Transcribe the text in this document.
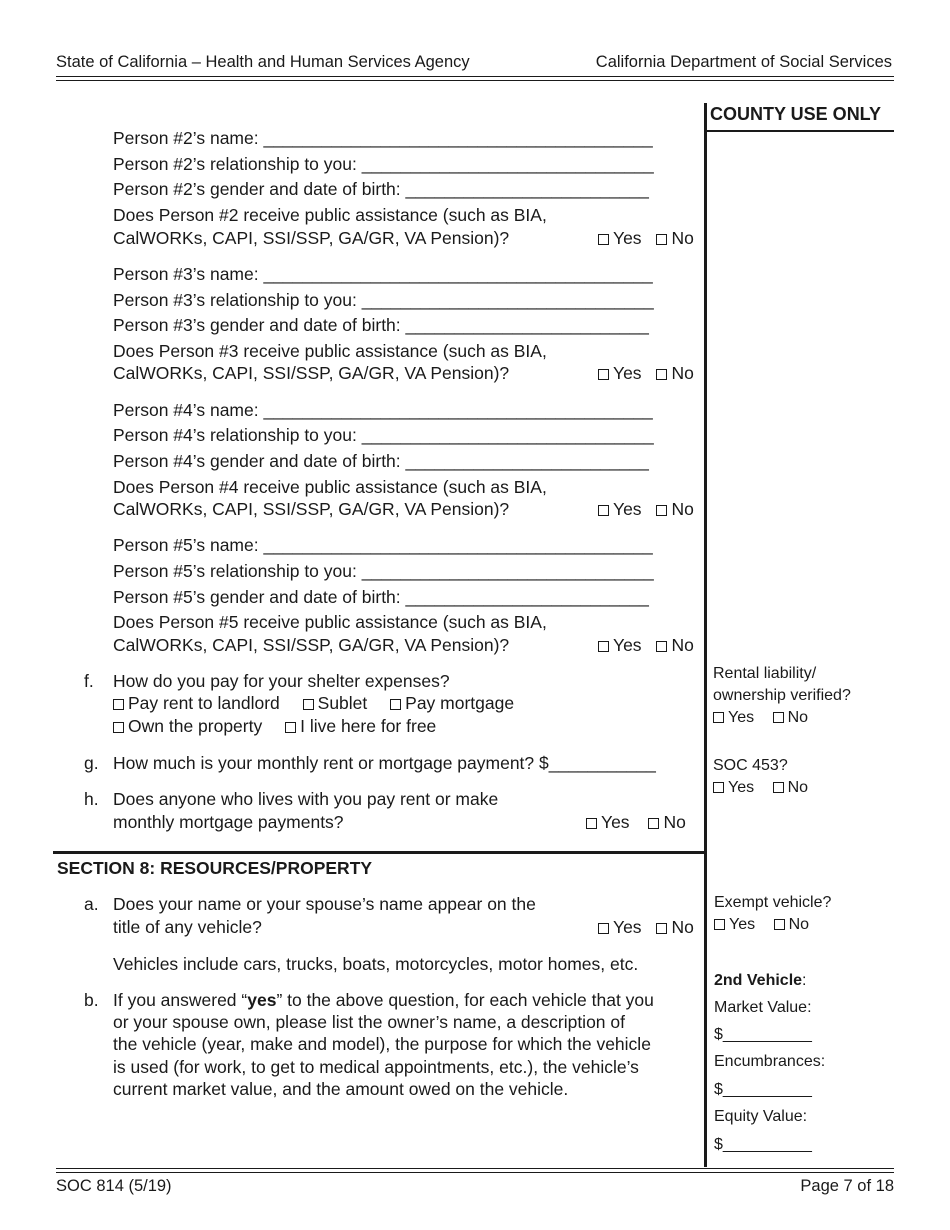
State of California – Health and Human Services Agency	California Department of Social Services
COUNTY USE ONLY
Person #2’s name: ________________________________________
Person #2’s relationship to you: ______________________________
Person #2’s gender and date of birth: _________________________
Does Person #2 receive public assistance (such as BIA,
CalWORKs, CAPI, SSI/SSP, GA/GR, VA Pension)?	Yes No
Person #3’s name: ________________________________________
Person #3’s relationship to you: ______________________________
Person #3’s gender and date of birth: _________________________
Does Person #3 receive public assistance (such as BIA,
CalWORKs, CAPI, SSI/SSP, GA/GR, VA Pension)?	Yes No
Person #4’s name: ________________________________________
Person #4’s relationship to you: ______________________________
Person #4’s gender and date of birth: _________________________
Does Person #4 receive public assistance (such as BIA,
CalWORKs, CAPI, SSI/SSP, GA/GR, VA Pension)?	Yes No
Person #5’s name: ________________________________________
Person #5’s relationship to you: ______________________________
Person #5’s gender and date of birth: _________________________
Does Person #5 receive public assistance (such as BIA,
CalWORKs, CAPI, SSI/SSP, GA/GR, VA Pension)?	Yes No
f. How do you pay for your shelter expenses?
Pay rent to landlord Sublet Pay mortgage
Own the property I live here for free
g. How much is your monthly rent or mortgage payment? $___________
h. Does anyone who lives with you pay rent or make
monthly mortgage payments?	Yes No
Rental liability/
ownership verified?
Yes No
SOC 453?
Yes No
SECTION 8: RESOURCES/PROPERTY
a. Does your name or your spouse’s name appear on the
title of any vehicle?	Yes No
Vehicles include cars, trucks, boats, motorcycles, motor homes, etc.
b. If you answered “yes” to the above question, for each vehicle that you
or your spouse own, please list the owner’s name, a description of
the vehicle (year, make and model), the purpose for which the vehicle
is used (for work, to get to medical appointments, etc.), the vehicle’s
current market value, and the amount owed on the vehicle.
Exempt vehicle?
Yes No
2nd Vehicle:
Market Value:
$__________
Encumbrances:
$__________
Equity Value:
$__________
SOC 814 (5/19)	Page 7 of 18
